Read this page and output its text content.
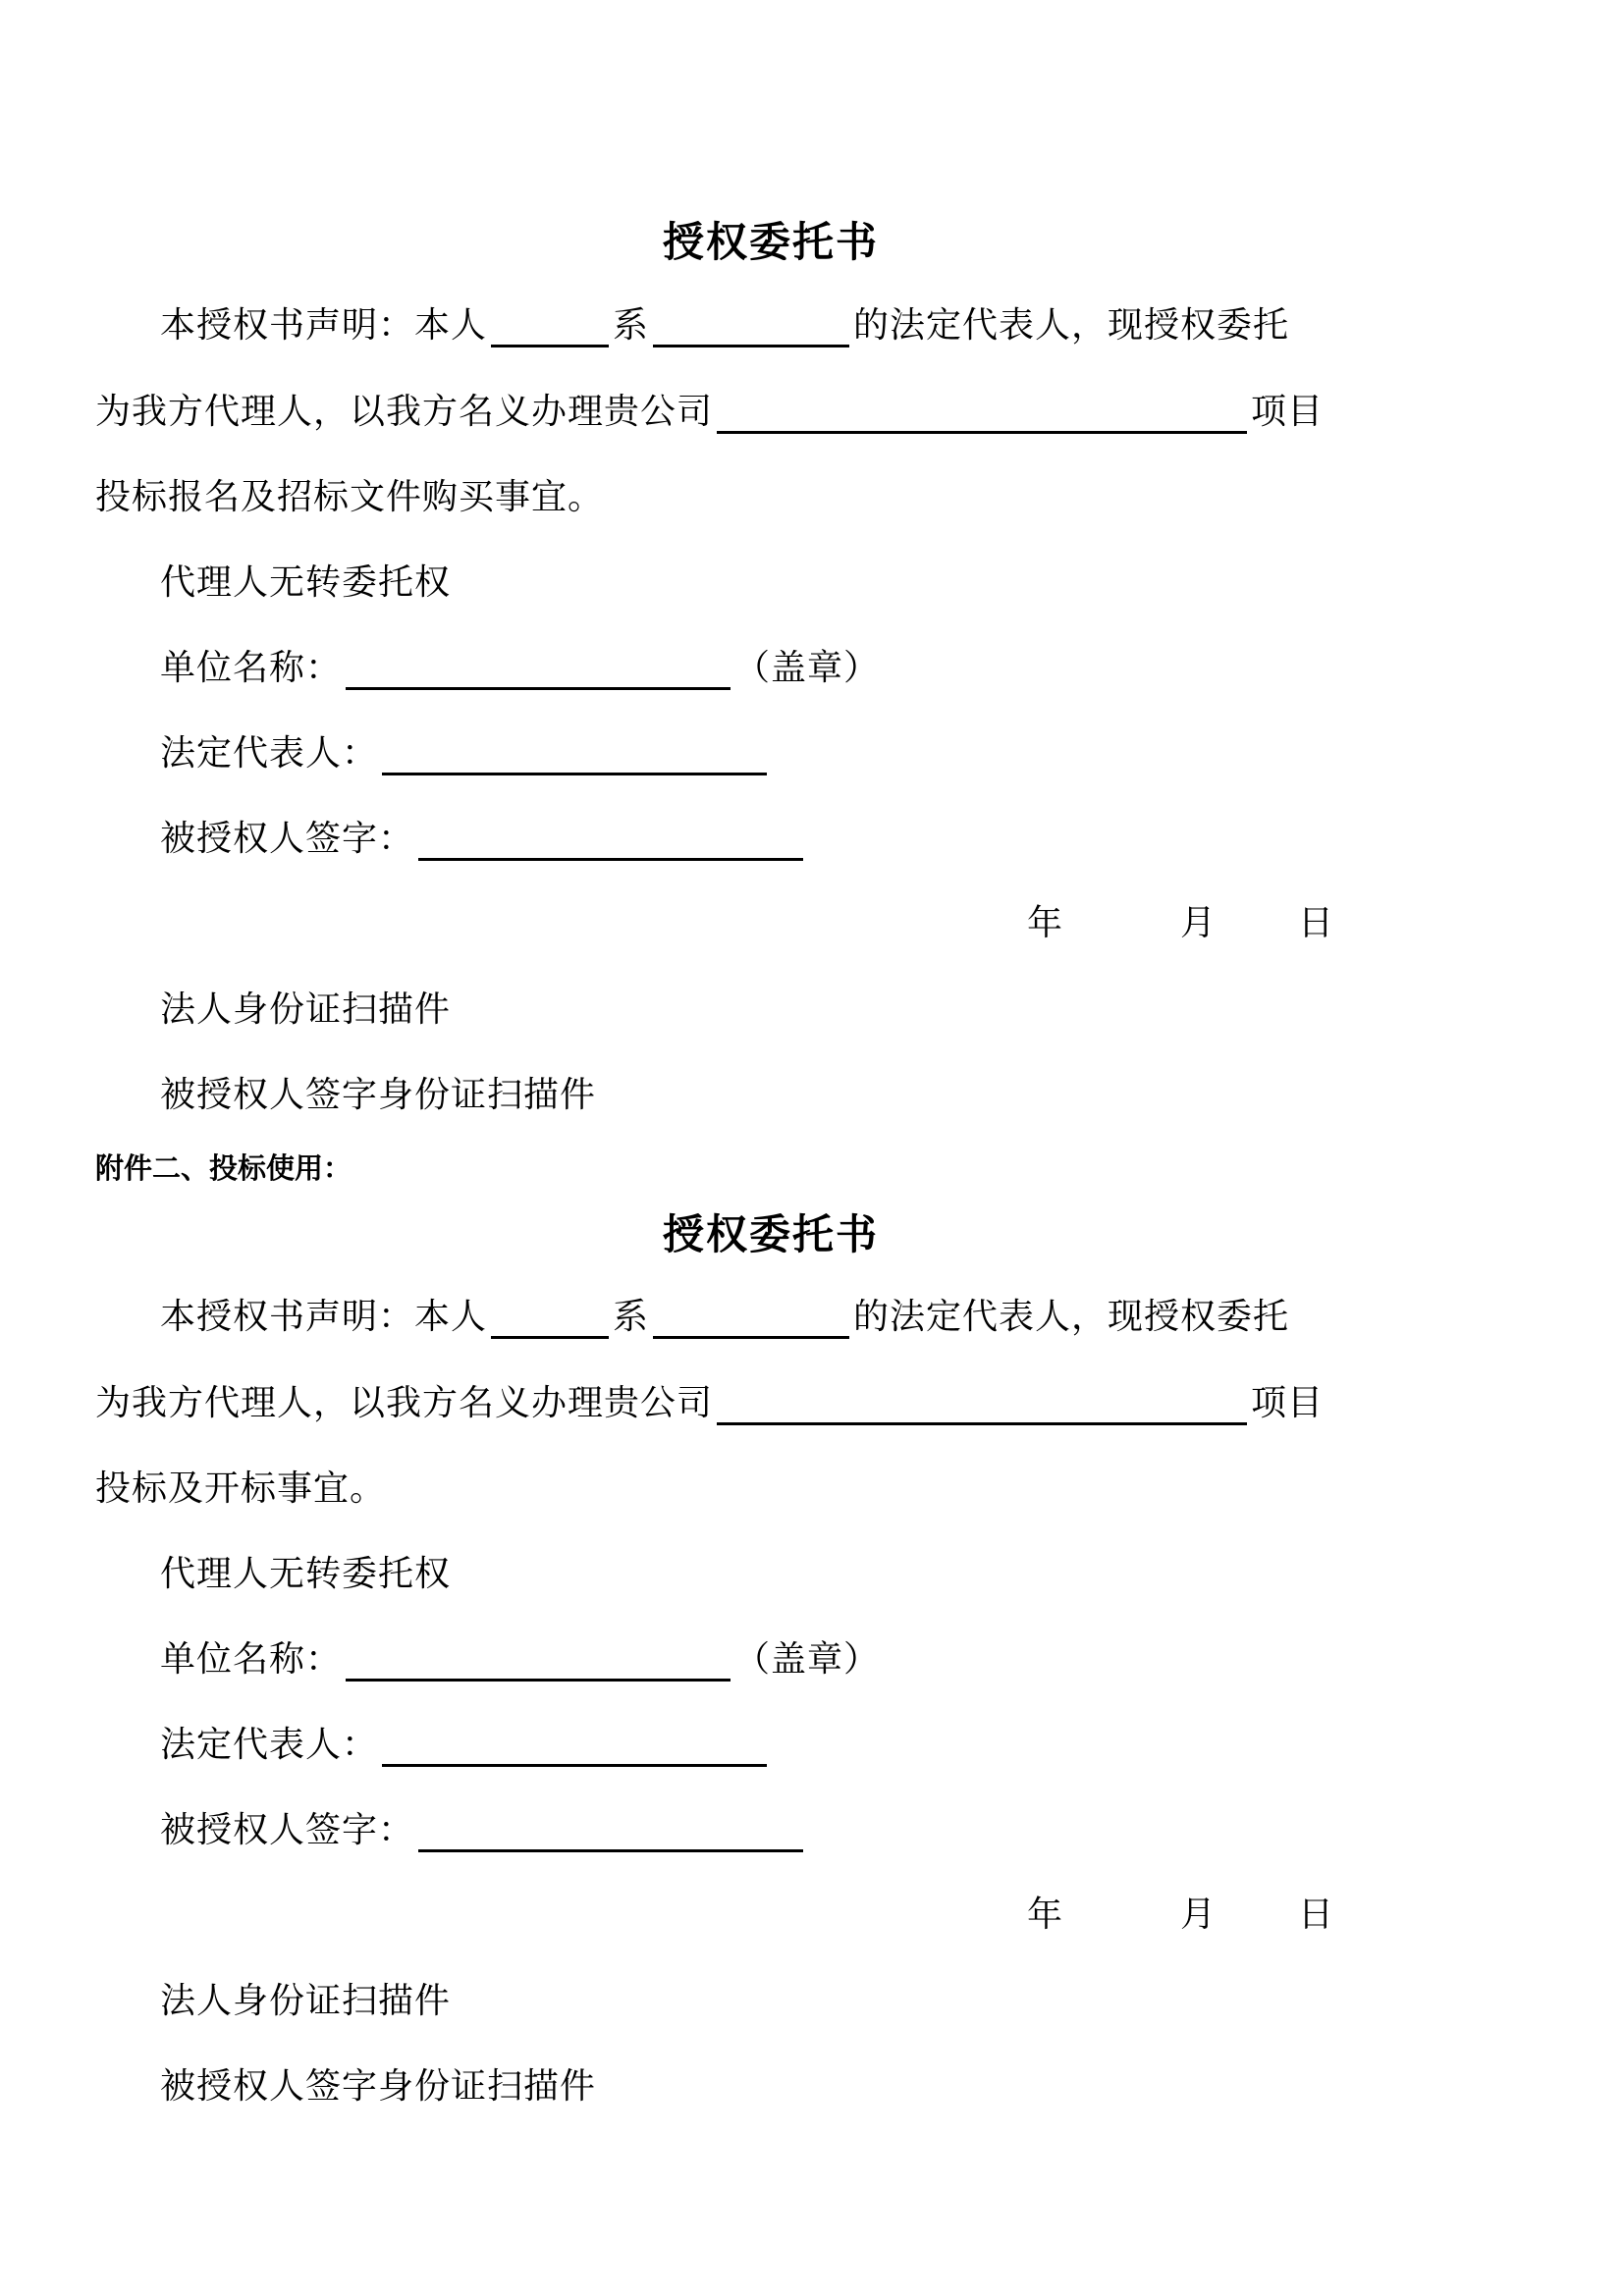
授权委托书
本授权书声明：本人	系	的法定代表人，现授权委托
为我方代理人，以我方名义办理贵公司	项目
投标报名及招标文件购买事宜。
代理人无转委托权
单位名称：	（盖章）
法定代表人：
被授权人签字：
年	月 日
法人身份证扫描件
被授权人签字身份证扫描件
附件二、投标使用：
授权委托书
本授权书声明：本人	系	的法定代表人，现授权委托
为我方代理人，以我方名义办理贵公司	项目
投标及开标事宜。
代理人无转委托权
单位名称：	（盖章）
法定代表人：
被授权人签字：
年	月 日
法人身份证扫描件
被授权人签字身份证扫描件
